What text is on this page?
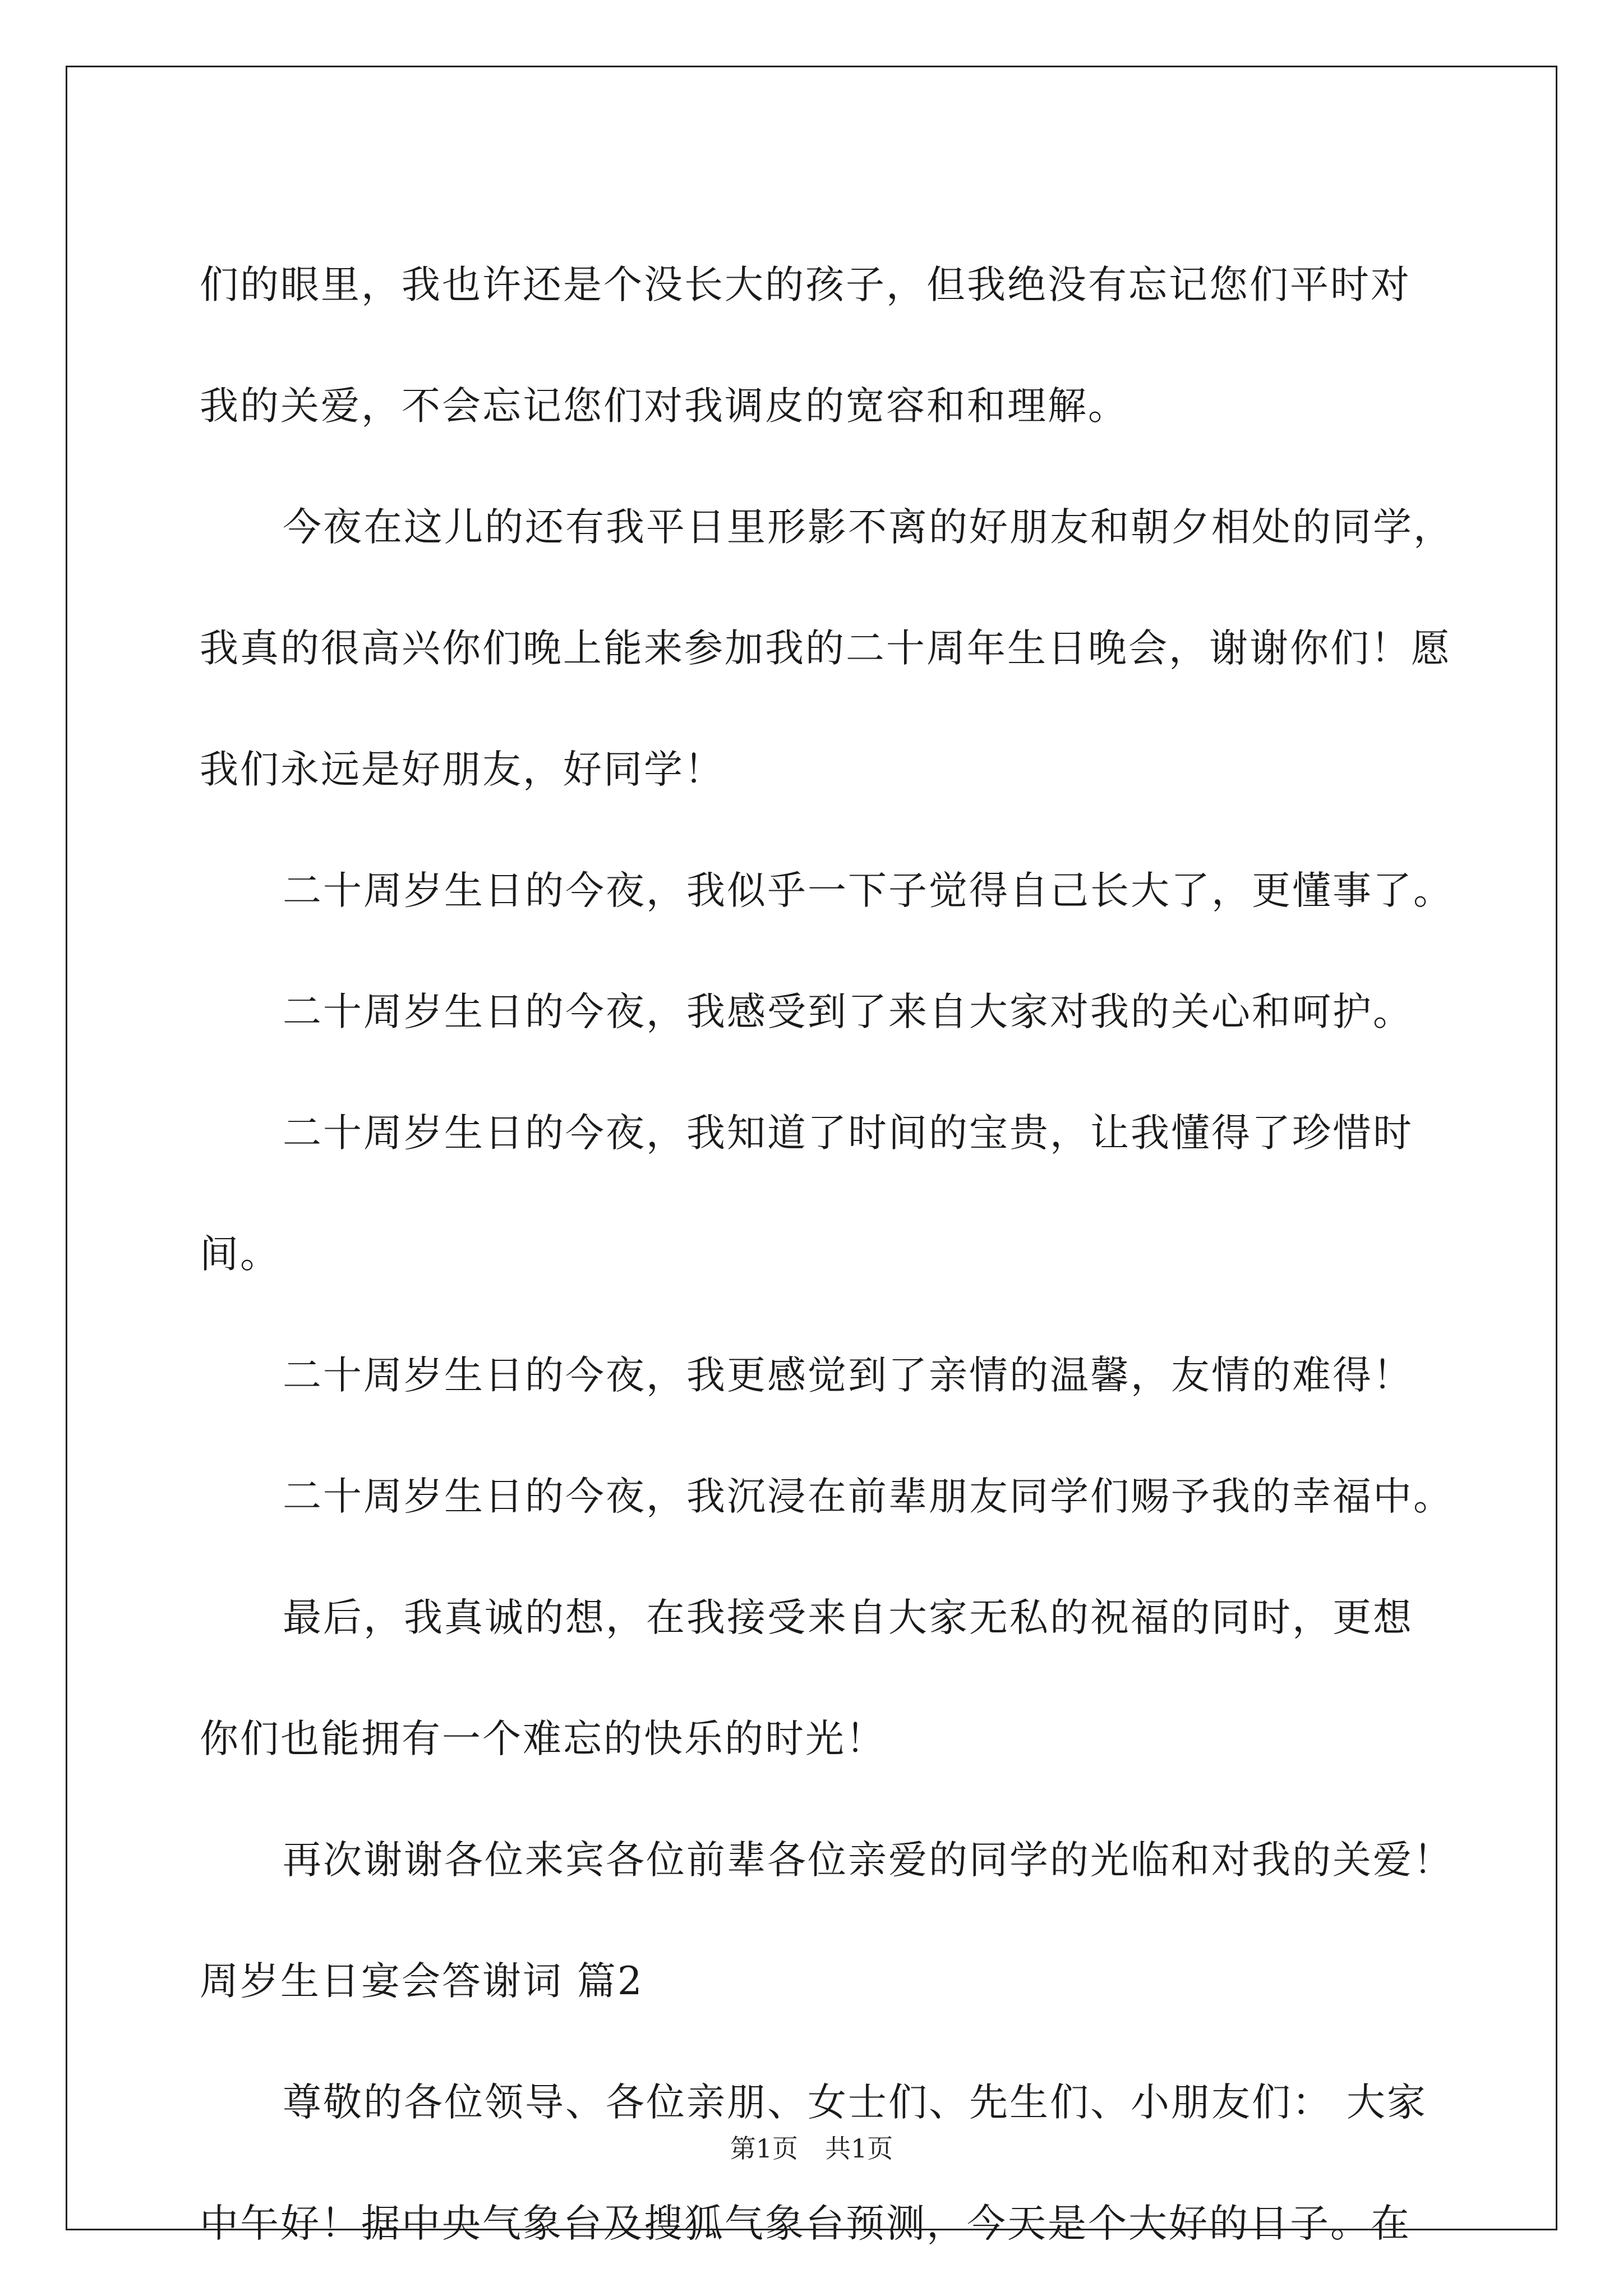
们的眼里，我也许还是个没长大的孩子，但我绝没有忘记您们平时对
我的关爱，不会忘记您们对我调皮的宽容和和理解。
今夜在这儿的还有我平日里形影不离的好朋友和朝夕相处的同学，
我真的很高兴你们晚上能来参加我的二十周年生日晚会，谢谢你们！愿
我们永远是好朋友，好同学！
二十周岁生日的今夜，我似乎一下子觉得自己长大了，更懂事了。
二十周岁生日的今夜，我感受到了来自大家对我的关心和呵护。
二十周岁生日的今夜，我知道了时间的宝贵，让我懂得了珍惜时
间。
二十周岁生日的今夜，我更感觉到了亲情的温馨，友情的难得！
二十周岁生日的今夜，我沉浸在前辈朋友同学们赐予我的幸福中。
最后，我真诚的想，在我接受来自大家无私的祝福的同时，更想
你们也能拥有一个难忘的快乐的时光！
再次谢谢各位来宾各位前辈各位亲爱的同学的光临和对我的关爱！
周岁生日宴会答谢词 篇2
尊敬的各位领导、各位亲朋、女士们、先生们、小朋友们： 大家
中午好！据中央气象台及搜狐气象台预测，今天是个大好的日子。在
第1页 共1页
